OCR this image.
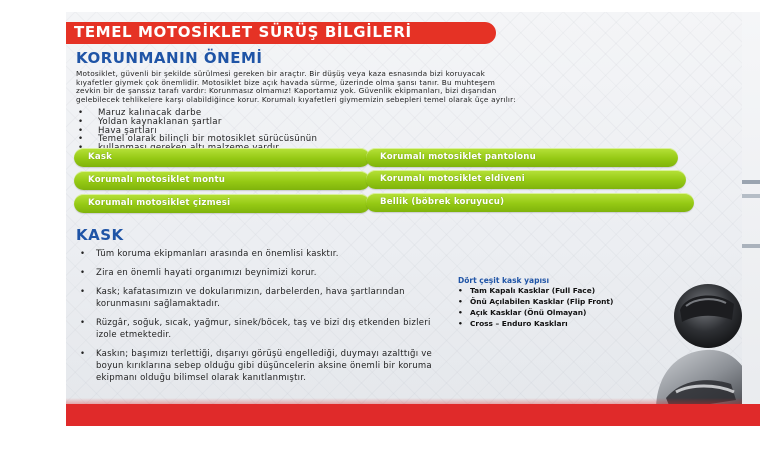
TEMEL MOTOSİKLET SÜRÜŞ BİLGİLERİ
KORUNMANIN ÖNEMİ
Motosiklet, güvenli bir şekilde sürülmesi gereken bir araçtır. Bir düşüş veya kaza esnasında bizi koruyacak
kıyafetler giymek çok önemlidir. Motosiklet bize açık havada sürme, üzerinde olma şansı tanır. Bu muhteşem
zevkin bir de şanssız tarafı vardır: Korunmasız olmamız! Kaportamız yok. Güvenlik ekipmanları, bizi dışarıdan
gelebilecek tehlikelere karşı olabildiğince korur. Korumalı kıyafetleri giymemizin sebepleri temel olarak üçe ayrılır:
• Maruz kalınacak darbe
• Yoldan kaynaklanan şartlar
• Hava şartları
• Temel olarak bilinçli bir motosiklet sürücüsünün
•
Kask	Korumalı motosiklet pantolonu
Korumalı motosiklet montu	Korumalı motosiklet eldiveni
Korumalı motosiklet çizmesi	Bellik (böbrek koruyucu)
KASK
• Tüm koruma ekipmanları arasında en önemlisi kasktır.
• Zira en önemli hayati organımızı beynimizi korur.
• Kask; kafatasımızın ve dokularımızın, darbelerden, hava şartlarından korunmasını sağlamaktadır.
• Rüzgâr, soğuk, sıcak, yağmur, sinek/böcek, taş ve bizi dış etkenden bizleri izole etmektedir.
• Kaskın; başımızı terlettiği, dışarıyı görüşü engellediği, duymayı azalttığı ve boyun kırıklarına sebep olduğu gibi düşüncelerin aksine önemli bir koruma ekipmanı olduğu bilimsel olarak kanıtlanmıştır.
Dört çeşit kask yapısı
• Tam Kapalı Kasklar (Full Face)
• Önü Açılabilen Kasklar (Flip Front)
• Açık Kasklar (Önü Olmayan)
• Cross – Enduro Kaskları
